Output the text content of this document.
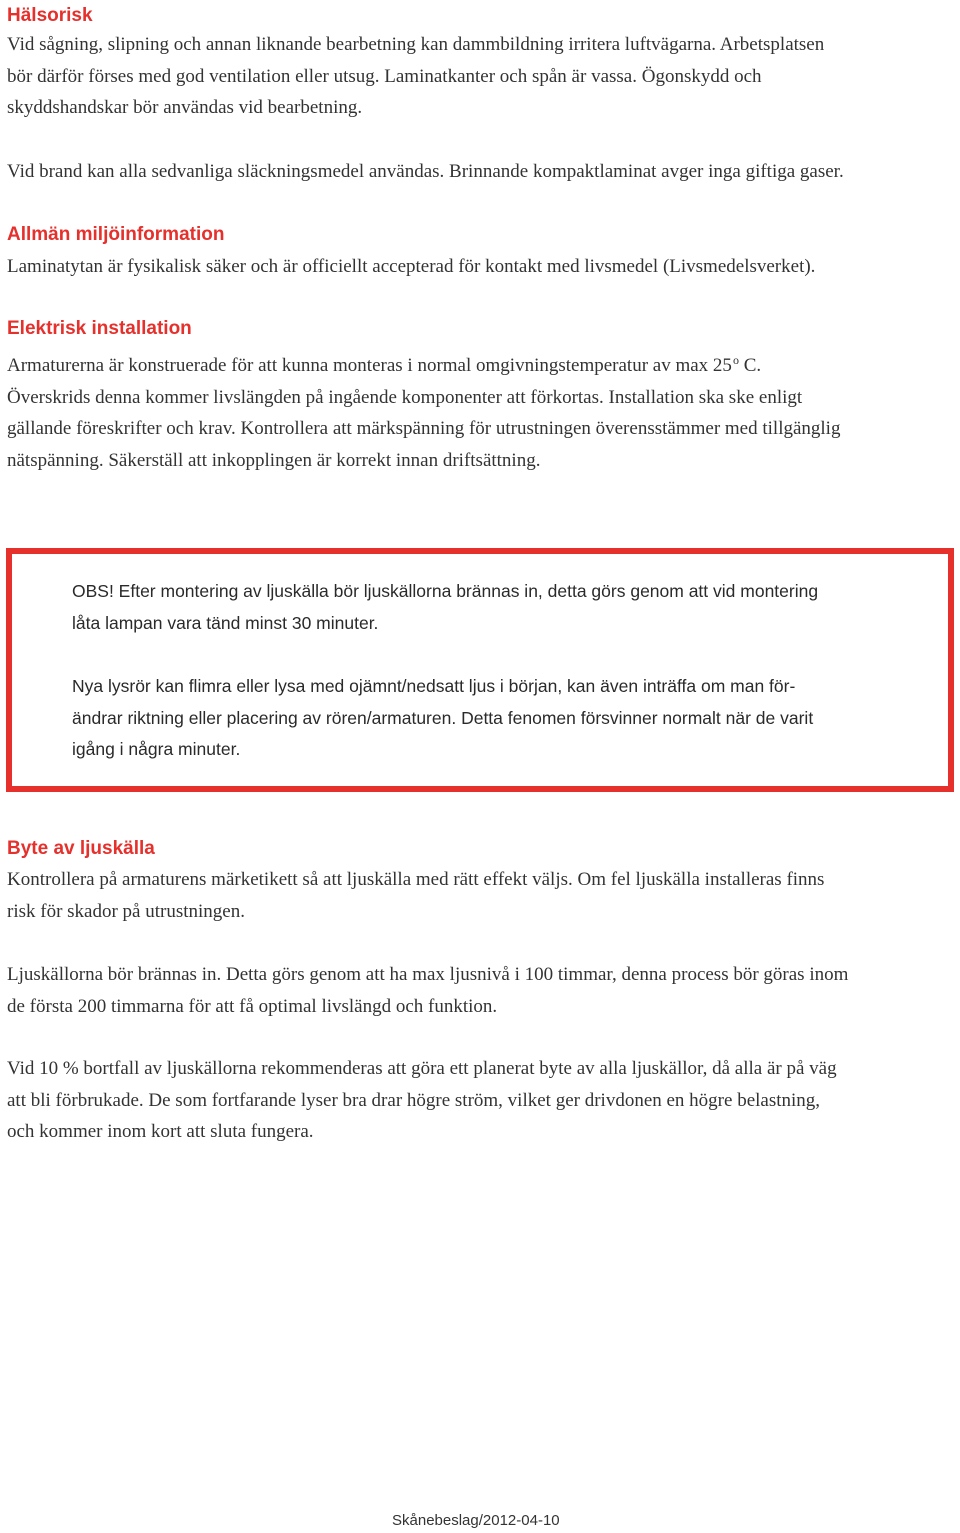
Hälsorisk
Vid sågning, slipning och annan liknande bearbetning kan dammbildning irritera luftvägarna. Arbetsplatsen
bör därför förses med god ventilation eller utsug. Laminatkanter och spån är vassa. Ögonskydd och
skyddshandskar bör användas vid bearbetning.
Vid brand kan alla sedvanliga släckningsmedel användas. Brinnande kompaktlaminat avger inga giftiga gaser.
Allmän miljöinformation
Laminatytan är fysikalisk säker och är officiellt accepterad för kontakt med livsmedel (Livsmedelsverket).
Elektrisk installation
Armaturerna är konstruerade för att kunna monteras i normal omgivningstemperatur av max 25$^o$ C.
Överskrids denna kommer livslängden på ingående komponenter att förkortas. Installation ska ske enligt
gällande föreskrifter och krav. Kontrollera att märkspänning för utrustningen överensstämmer med tillgänglig
nätspänning. Säkerställ att inkopplingen är korrekt innan driftsättning.
OBS! Efter montering av ljuskälla bör ljuskällorna brännas in, detta görs genom att vid montering
låta lampan vara tänd minst 30 minuter.
Nya lysrör kan flimra eller lysa med ojämnt/nedsatt ljus i början, kan även inträffa om man för-
ändrar riktning eller placering av rören/armaturen. Detta fenomen försvinner normalt när de varit
igång i några minuter.
Byte av ljuskälla
Kontrollera på armaturens märketikett så att ljuskälla med rätt effekt väljs. Om fel ljuskälla installeras finns
risk för skador på utrustningen.
Ljuskällorna bör brännas in. Detta görs genom att ha max ljusnivå i 100 timmar, denna process bör göras inom
de första 200 timmarna för att få optimal livslängd och funktion.
Vid 10 % bortfall av ljuskällorna rekommenderas att göra ett planerat byte av alla ljuskällor, då alla är på väg
att bli förbrukade. De som fortfarande lyser bra drar högre ström, vilket ger drivdonen en högre belastning,
och kommer inom kort att sluta fungera.
Skånebeslag/2012-04-10
